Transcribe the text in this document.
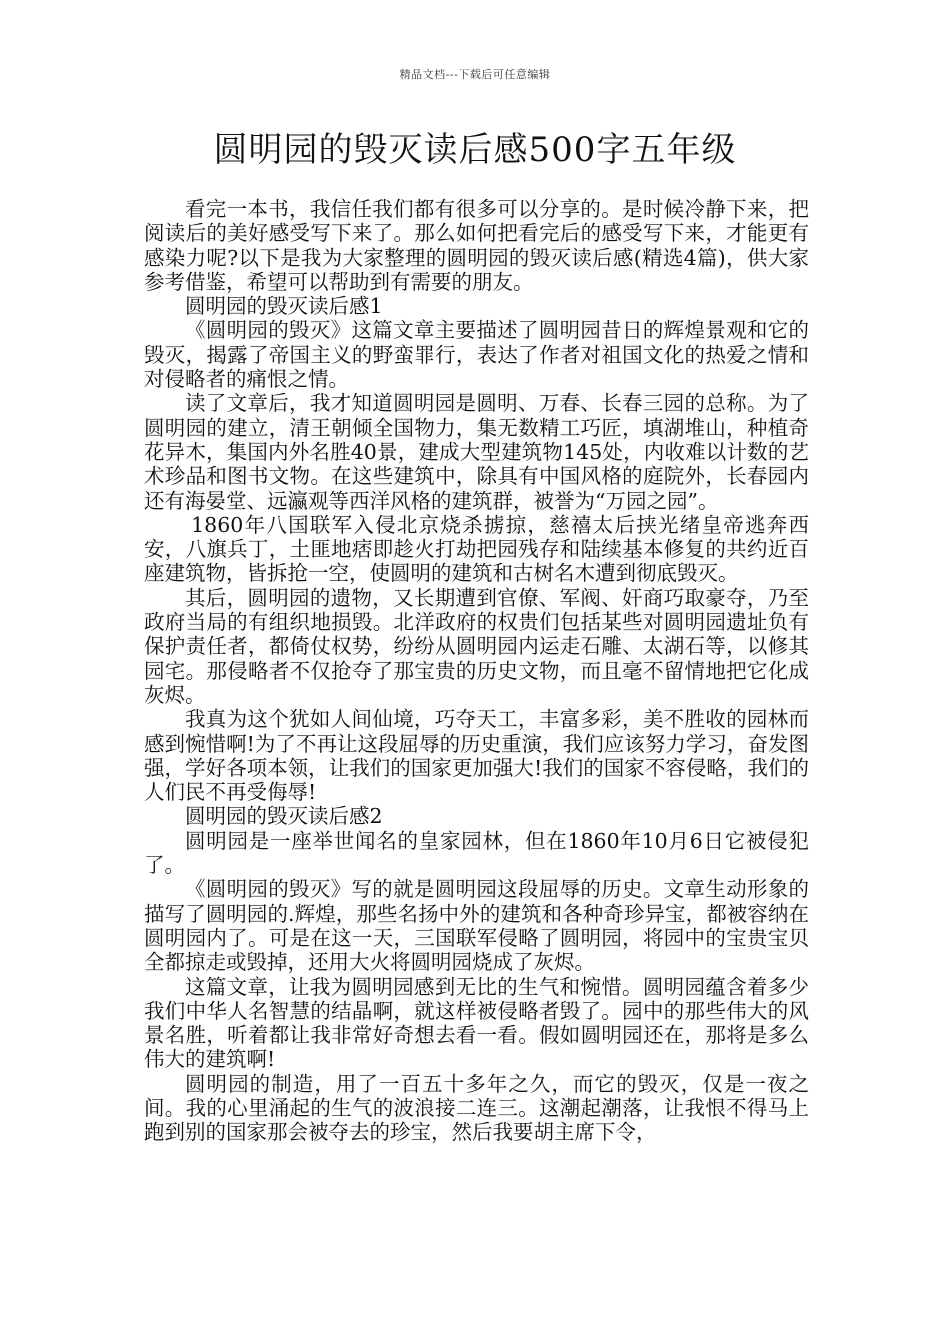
精品文档---下载后可任意编辑
圆明园的毁灭读后感500字五年级

看完一本书，我信任我们都有很多可以分享的。是时候冷静下来，把阅读后的美好感受写下来了。那么如何把看完后的感受写下来，才能更有感染力呢?以下是我为大家整理的圆明园的毁灭读后感(精选4篇)，供大家参考借鉴，希望可以帮助到有需要的朋友。

圆明园的毁灭读后感1

《圆明园的毁灭》这篇文章主要描述了圆明园昔日的辉煌景观和它的毁灭，揭露了帝国主义的野蛮罪行，表达了作者对祖国文化的热爱之情和对侵略者的痛恨之情。

读了文章后，我才知道圆明园是圆明、万春、长春三园的总称。为了圆明园的建立，清王朝倾全国物力，集无数精工巧匠，填湖堆山，种植奇花异木，集国内外名胜40景，建成大型建筑物145处，内收难以计数的艺术珍品和图书文物。在这些建筑中，除具有中国风格的庭院外，长春园内还有海晏堂、远瀛观等西洋风格的建筑群，被誉为“万园之园”。

1860年八国联军入侵北京烧杀掳掠，慈禧太后挟光绪皇帝逃奔西安，八旗兵丁，土匪地痞即趁火打劫把园残存和陆续基本修复的共约近百座建筑物，皆拆抢一空，使圆明的建筑和古树名木遭到彻底毁灭。

其后，圆明园的遗物，又长期遭到官僚、军阀、奸商巧取豪夺，乃至政府当局的有组织地损毁。北洋政府的权贵们包括某些对圆明园遗址负有保护责任者，都倚仗权势，纷纷从圆明园内运走石雕、太湖石等，以修其园宅。那侵略者不仅抢夺了那宝贵的历史文物，而且毫不留情地把它化成灰烬。

我真为这个犹如人间仙境，巧夺天工，丰富多彩，美不胜收的园林而感到惋惜啊!为了不再让这段屈辱的历史重演，我们应该努力学习，奋发图强，学好各项本领，让我们的国家更加强大!我们的国家不容侵略，我们的人们民不再受侮辱!

圆明园的毁灭读后感2

圆明园是一座举世闻名的皇家园林，但在1860年10月6日它被侵犯了。

《圆明园的毁灭》写的就是圆明园这段屈辱的历史。文章生动形象的描写了圆明园的.辉煌，那些名扬中外的建筑和各种奇珍异宝，都被容纳在圆明园内了。可是在这一天，三国联军侵略了圆明园，将园中的宝贵宝贝全都掠走或毁掉，还用大火将圆明园烧成了灰烬。

这篇文章，让我为圆明园感到无比的生气和惋惜。圆明园蕴含着多少我们中华人名智慧的结晶啊，就这样被侵略者毁了。园中的那些伟大的风景名胜，听着都让我非常好奇想去看一看。假如圆明园还在，那将是多么伟大的建筑啊!

圆明园的制造，用了一百五十多年之久，而它的毁灭，仅是一夜之间。我的心里涌起的生气的波浪接二连三。这潮起潮落，让我恨不得马上跑到别的国家那会被夺去的珍宝，然后我要胡主席下令，
